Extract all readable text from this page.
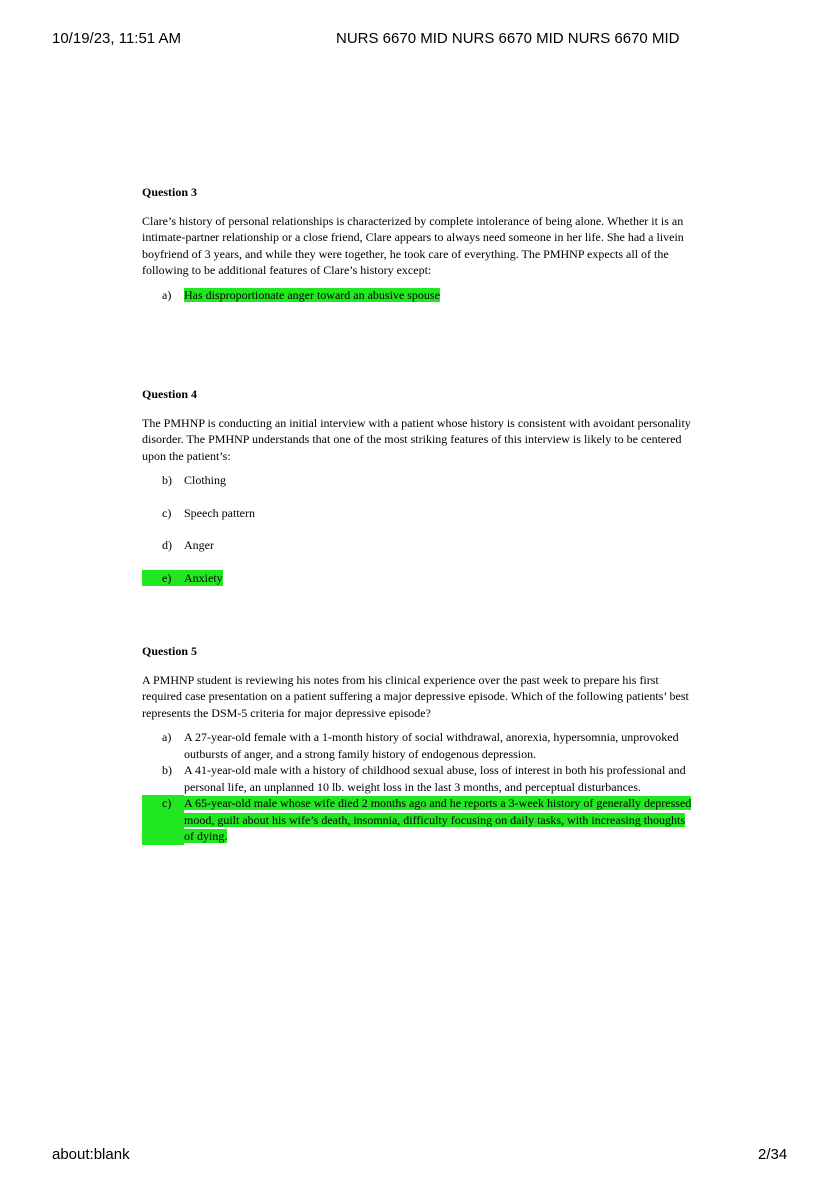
10/19/23, 11:51 AM	NURS 6670 MID NURS 6670 MID NURS 6670 MID

Question 3

Clare’s history of personal relationships is characterized by complete intolerance of being alone. Whether it is an intimate-partner relationship or a close friend, Clare appears to always need someone in her life. She had a livein boyfriend of 3 years, and while they were together, he took care of everything. The PMHNP expects all of the following to be additional features of Clare’s history except:

a)	Has disproportionate anger toward an abusive spouse

Question 4

The PMHNP is conducting an initial interview with a patient whose history is consistent with avoidant personality disorder. The PMHNP understands that one of the most striking features of this interview is likely to be centered upon the patient’s:

b)	Clothing
c)	Speech pattern
d)	Anger
e)	Anxiety

Question 5

A PMHNP student is reviewing his notes from his clinical experience over the past week to prepare his first required case presentation on a patient suffering a major depressive episode. Which of the following patients’ best represents the DSM-5 criteria for major depressive episode?

a)	A 27-year-old female with a 1-month history of social withdrawal, anorexia, hypersomnia, unprovoked outbursts of anger, and a strong family history of endogenous depression.
b)	A 41-year-old male with a history of childhood sexual abuse, loss of interest in both his professional and personal life, an unplanned 10 lb. weight loss in the last 3 months, and perceptual disturbances.
c)	A 65-year-old male whose wife died 2 months ago and he reports a 3-week history of generally depressed mood, guilt about his wife’s death, insomnia, difficulty focusing on daily tasks, with increasing thoughts of dying.
about:blank	2/34
